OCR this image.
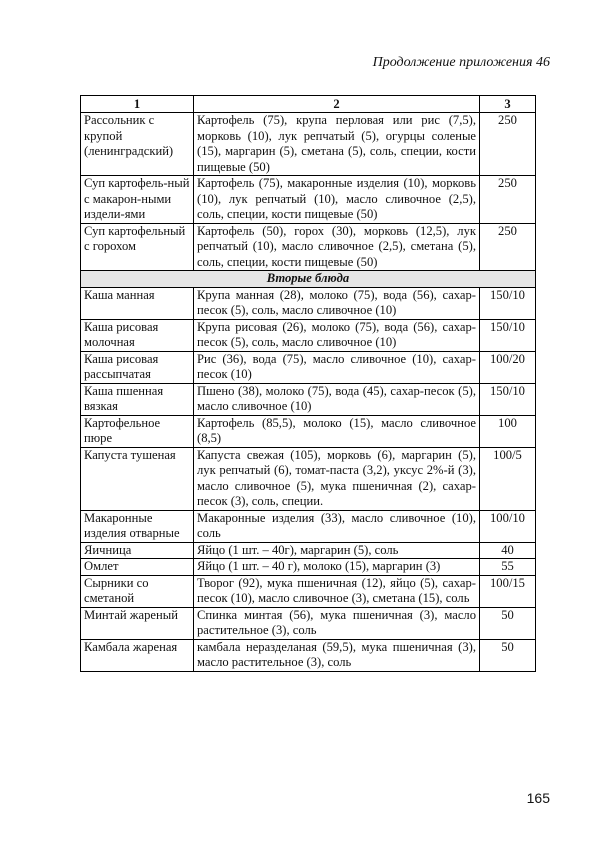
Продолжение приложения 46
1	2	3
Рассольник с крупой (ленинградский)	Картофель (75), крупа перловая или рис (7,5), морковь (10), лук репчатый (5), огурцы соленые (15), маргарин (5), сметана (5), соль, специи, кости пищевые (50)	250
Суп картофель-ный с макарон-ными издели-ями	Картофель (75), макаронные изделия (10), морковь (10), лук репчатый (10), масло сливочное (2,5), соль, специи, кости пищевые (50)	250
Суп картофельный с горохом	Картофель (50), горох (30), морковь (12,5), лук репчатый (10), масло сливочное (2,5), сметана (5), соль, специи, кости пищевые (50)	250
Вторые блюда		
Каша манная	Крупа манная (28), молоко (75), вода (56), сахар-песок (5), соль, масло сливочное (10)	150/10
Каша рисовая молочная	Крупа рисовая (26), молоко (75), вода (56), сахар-песок (5), соль, масло сливочное (10)	150/10
Каша рисовая рассыпчатая	Рис (36), вода (75), масло сливочное (10), сахар-песок (10)	100/20
Каша пшенная вязкая	Пшено (38), молоко (75), вода (45), сахар-песок (5), масло сливочное (10)	150/10
Картофельное пюре	Картофель (85,5), молоко (15), масло сливочное (8,5)	100
Капуста тушеная	Капуста свежая (105), морковь (6), маргарин (5), лук репчатый (6), томат-паста (3,2), уксус 2%-й (3), масло сливочное (5), мука пшеничная (2), сахар-песок (3), соль, специи.	100/5
Макаронные изделия отварные	Макаронные изделия (33), масло сливочное (10), соль	100/10
Яичница	Яйцо (1 шт. – 40г), маргарин (5), соль	40
Омлет	Яйцо (1 шт. – 40 г), молоко (15), маргарин (3)	55
Сырники со сметаной	Творог (92), мука пшеничная (12), яйцо (5), сахар-песок (10), масло сливочное (3), сметана (15), соль	100/15
Минтай жареный	Спинка минтая (56), мука пшеничная (3), масло растительное (3), соль	50
Камбала жареная	камбала неразделаная (59,5), мука пшеничная (3), масло растительное (3), соль	50
165
